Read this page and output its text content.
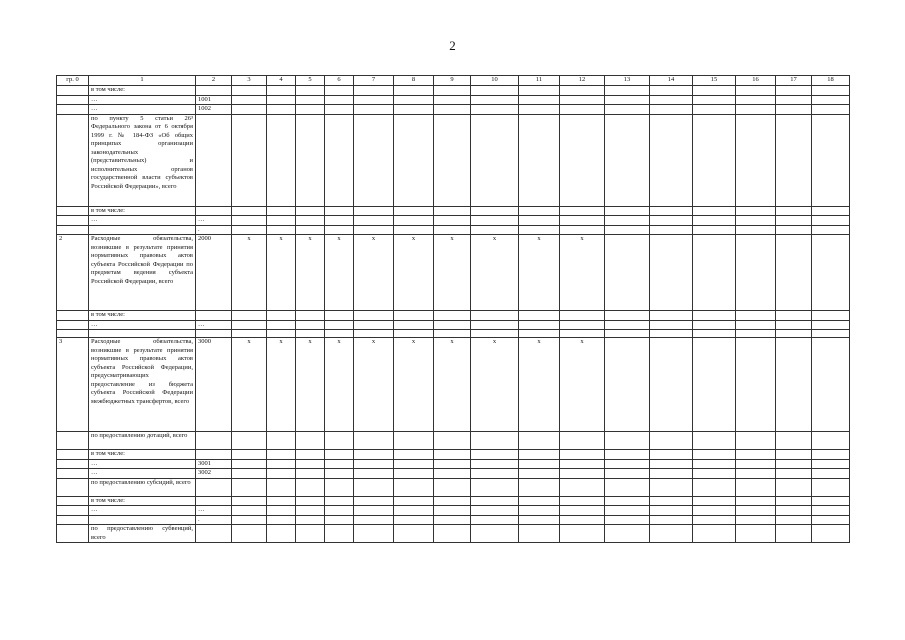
2
гр. 0	1	2	3	4	5	6	7	8	9	10	11	12	13	14	15	16	17	18
	в том числе:																	
	…	1001																
	…	1002																
	по пункту 5 статьи 26³ Федерального закона от 6 октября 1999 г. № 184-ФЗ «Об общих принципах организации законодательных (представительных) и исполнительных органов государственной власти субъектов Российской Федерации», всего																	
	в том числе:																	
	…	…																
		.																
2	Расходные обязательства, возникшие в результате принятия нормативных правовых актов субъекта Российской Федерации по предметам ведения субъекта Российской Федерации, всего	2000	х	х	х	х	х	х	х	х	х	х						
	в том числе:																	
	…	…																

3	Расходные обязательства, возникшие в результате принятия нормативных правовых актов субъекта Российской Федерации, предусматривающих предоставление из бюджета субъекта Российской Федерации межбюджетных трансфертов, всего	3000	х	х	х	х	х	х	х	х	х	х						
	по предоставлению дотаций, всего																	
	в том числе:																	
	…	3001																
	…	3002																
	по предоставлению субсидий, всего																	
	в том числе:																	
	…	…																
		.																
	по предоставлению субвенций, всего																	
